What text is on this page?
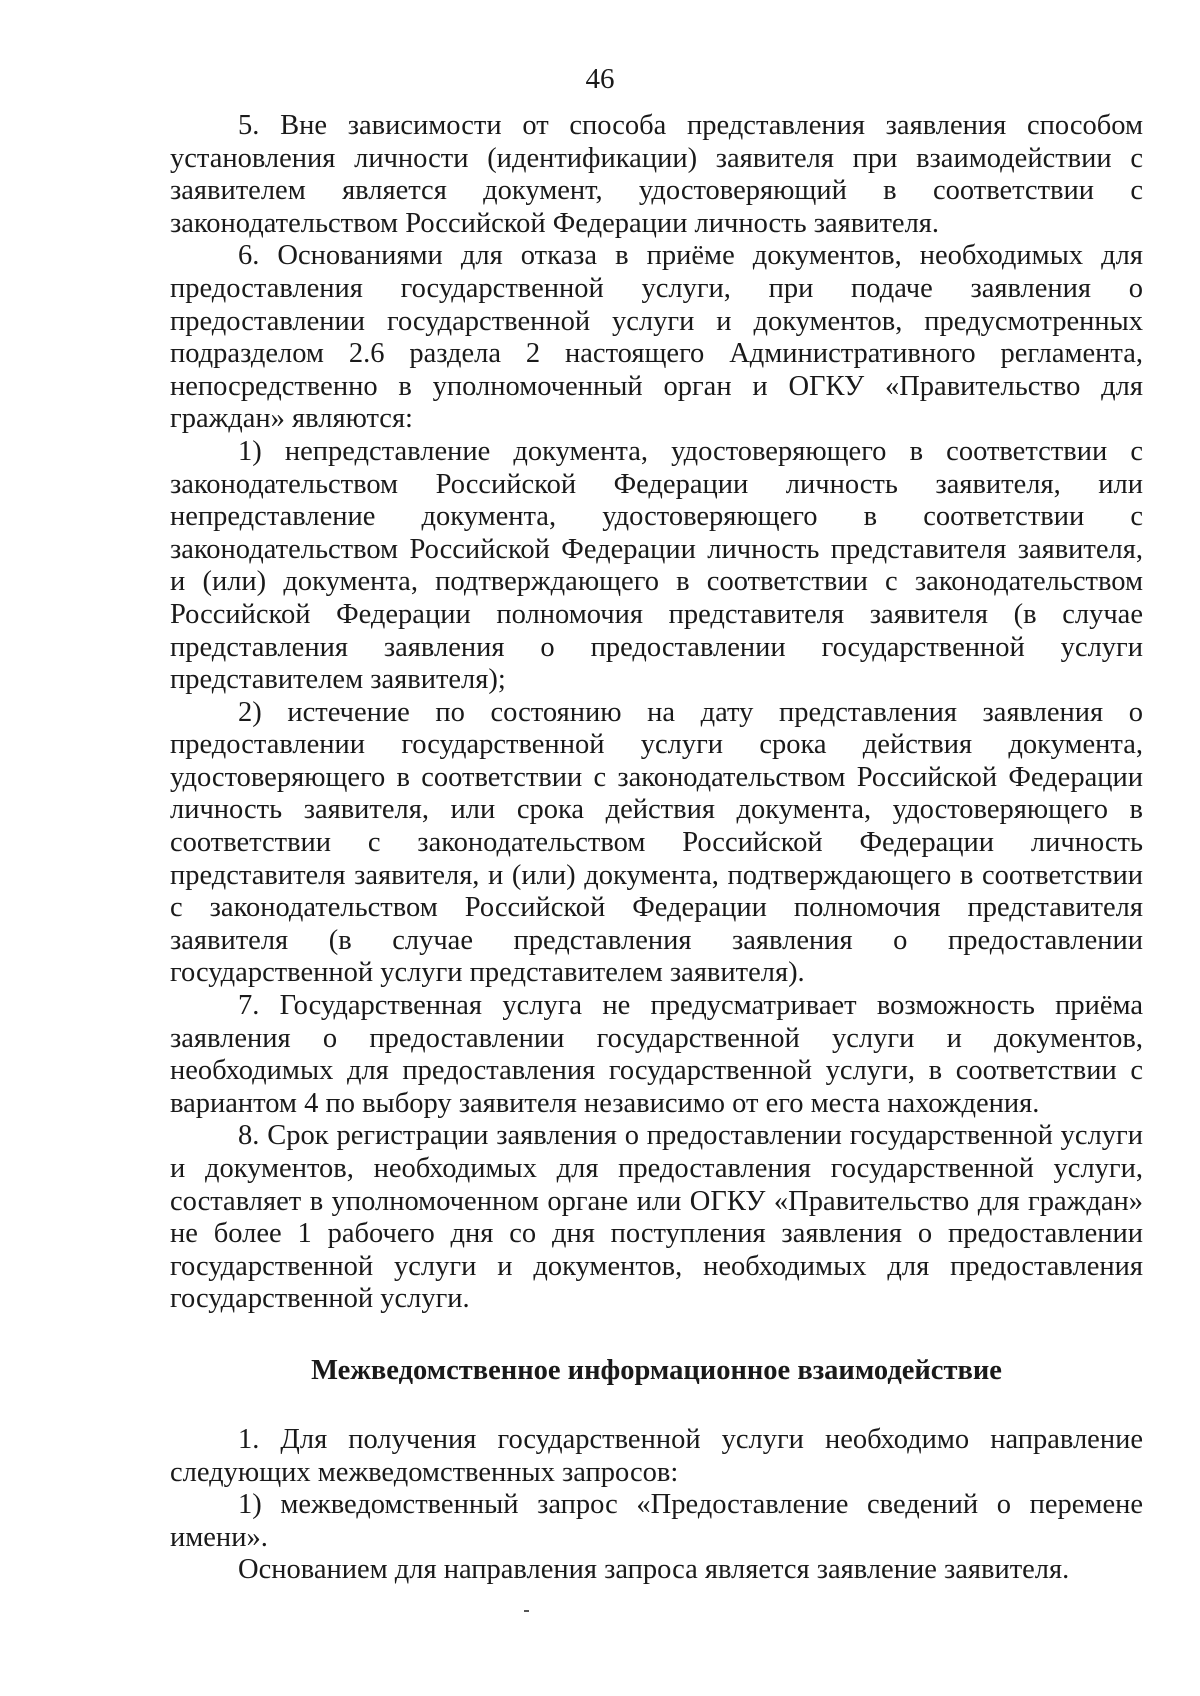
46

5. Вне зависимости от способа представления заявления способом установления личности (идентификации) заявителя при взаимодействии с заявителем является документ, удостоверяющий в соответствии с законодательством Российской Федерации личность заявителя.

6. Основаниями для отказа в приёме документов, необходимых для предоставления государственной услуги, при подаче заявления о предоставлении государственной услуги и документов, предусмотренных подразделом 2.6 раздела 2 настоящего Административного регламента, непосредственно в уполномоченный орган и ОГКУ «Правительство для граждан» являются:

1) непредставление документа, удостоверяющего в соответствии с законодательством Российской Федерации личность заявителя, или непредставление документа, удостоверяющего в соответствии с законодательством Российской Федерации личность представителя заявителя, и (или) документа, подтверждающего в соответствии с законодательством Российской Федерации полномочия представителя заявителя (в случае представления заявления о предоставлении государственной услуги представителем заявителя);

2) истечение по состоянию на дату представления заявления о предоставлении государственной услуги срока действия документа, удостоверяющего в соответствии с законодательством Российской Федерации личность заявителя, или срока действия документа, удостоверяющего в соответствии с законодательством Российской Федерации личность представителя заявителя, и (или) документа, подтверждающего в соответствии с законодательством Российской Федерации полномочия представителя заявителя (в случае представления заявления о предоставлении государственной услуги представителем заявителя).

7. Государственная услуга не предусматривает возможность приёма заявления о предоставлении государственной услуги и документов, необходимых для предоставления государственной услуги, в соответствии с вариантом 4 по выбору заявителя независимо от его места нахождения.

8. Срок регистрации заявления о предоставлении государственной услуги и документов, необходимых для предоставления государственной услуги, составляет в уполномоченном органе или ОГКУ «Правительство для граждан» не более 1 рабочего дня со дня поступления заявления о предоставлении государственной услуги и документов, необходимых для предоставления государственной услуги.

Межведомственное информационное взаимодействие

1. Для получения государственной услуги необходимо направление следующих межведомственных запросов:

1) межведомственный запрос «Предоставление сведений о перемене имени».

Основанием для направления запроса является заявление заявителя.
